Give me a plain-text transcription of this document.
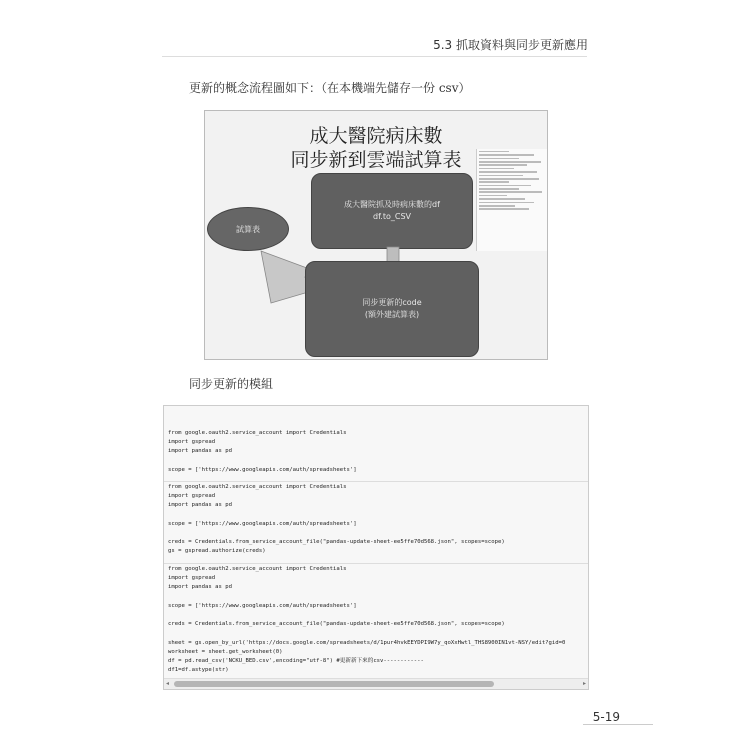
5.3 抓取資料與同步更新應用
更新的概念流程圖如下：（在本機端先儲存一份 csv）
成大醫院病床數
同步新到雲端試算表
成大醫院抓及時病床數的df
df.to_CSV
試算表
同步更新的code
(額外建試算表)
同步更新的模組
from google.oauth2.service_account import Credentials
import gspread
import pandas as pd
scope = ['https://www.googleapis.com/auth/spreadsheets']
from google.oauth2.service_account import Credentials
import gspread
import pandas as pd
scope = ['https://www.googleapis.com/auth/spreadsheets']
creds = Credentials.from_service_account_file("pandas-update-sheet-ee5ffe70d568.json", scopes=scope)
gs = gspread.authorize(creds)
from google.oauth2.service_account import Credentials
import gspread
import pandas as pd
scope = ['https://www.googleapis.com/auth/spreadsheets']
creds = Credentials.from_service_account_file("pandas-update-sheet-ee5ffe70d568.json", scopes=scope)
sheet = gs.open_by_url('https://docs.google.com/spreadsheets/d/1pur4hvkEEYDPI9W7y_qoXxHwtl_THS8900IN1vt-NSY/edit?gid=0
worksheet = sheet.get_worksheet(0)
df = pd.read_csv('NCKU_BED.csv',encoding="utf-8") #更新新下來的csv------------
df1=df.astype(str)
◂	▸
5-19
